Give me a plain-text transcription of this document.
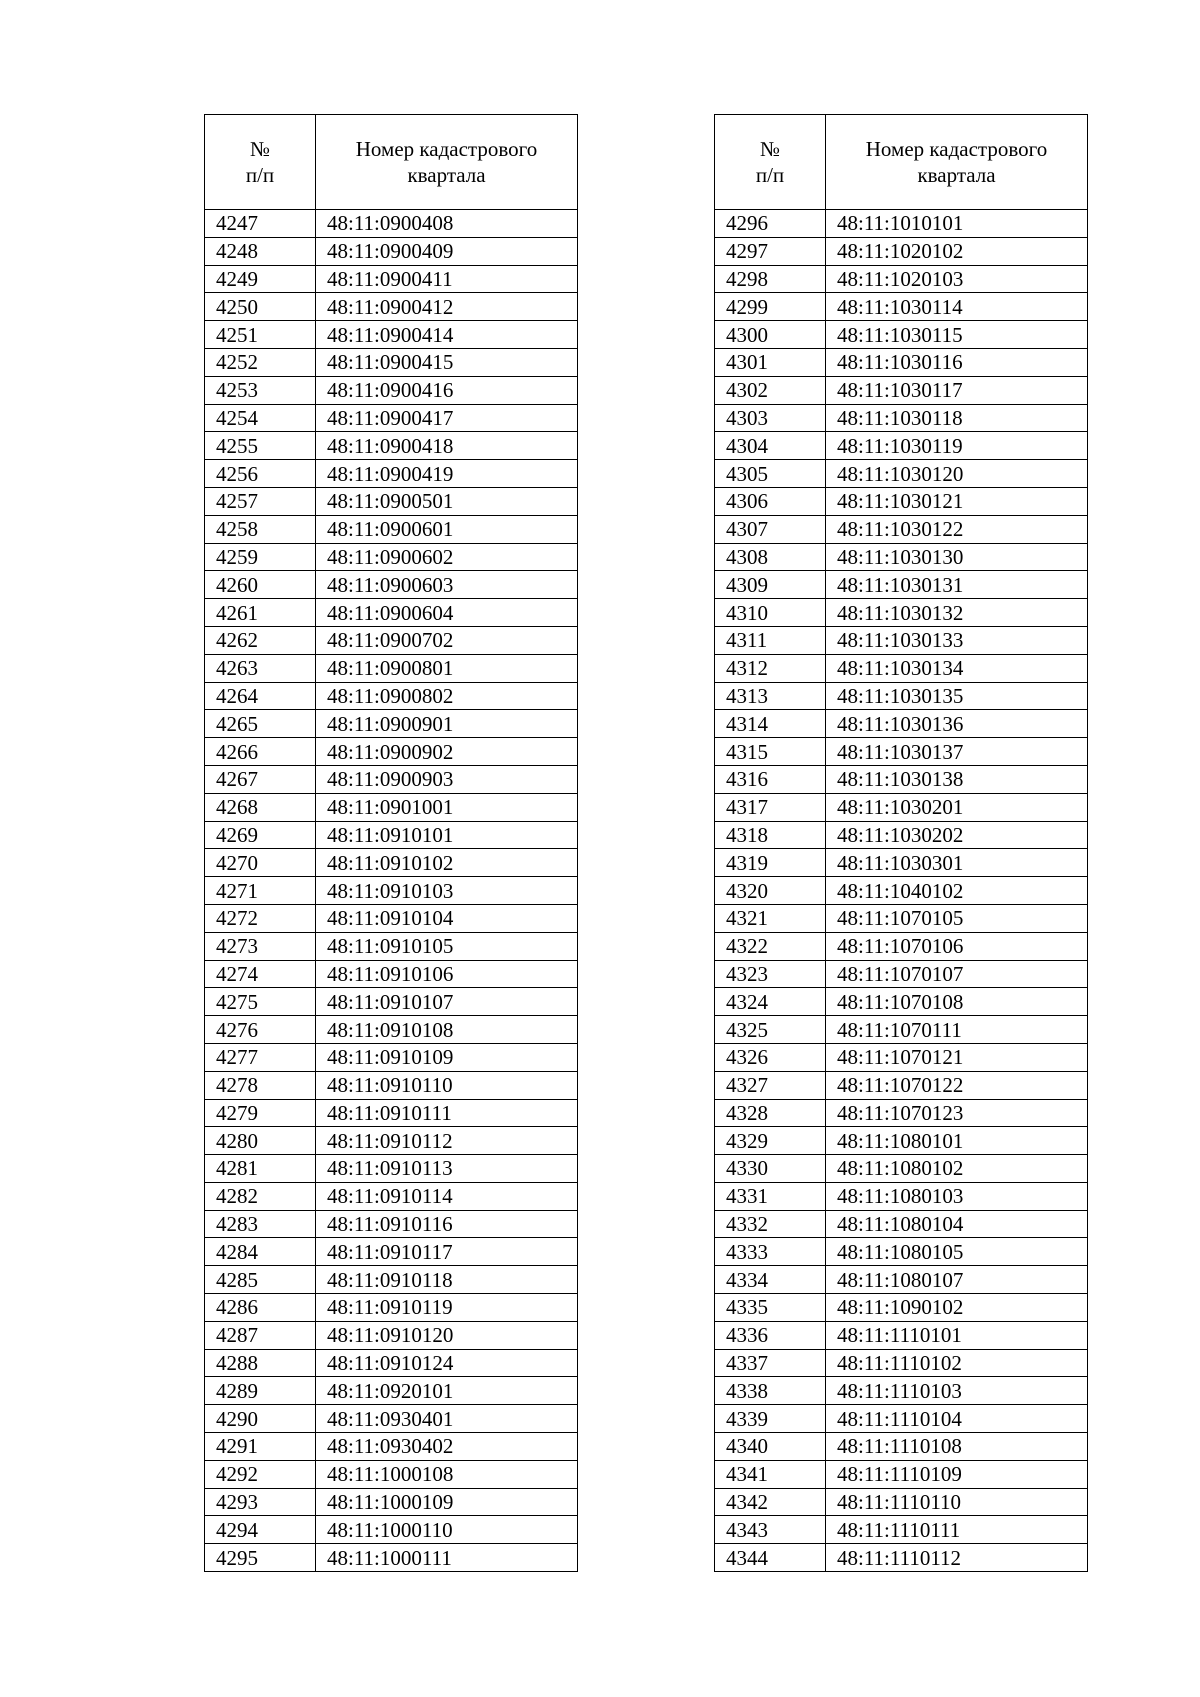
№
п/п	Номер кадастрового
квартала

4247	48:11:0900408
4248	48:11:0900409
4249	48:11:0900411
4250	48:11:0900412
4251	48:11:0900414
4252	48:11:0900415
4253	48:11:0900416
4254	48:11:0900417
4255	48:11:0900418
4256	48:11:0900419
4257	48:11:0900501
4258	48:11:0900601
4259	48:11:0900602
4260	48:11:0900603
4261	48:11:0900604
4262	48:11:0900702
4263	48:11:0900801
4264	48:11:0900802
4265	48:11:0900901
4266	48:11:0900902
4267	48:11:0900903
4268	48:11:0901001
4269	48:11:0910101
4270	48:11:0910102
4271	48:11:0910103
4272	48:11:0910104
4273	48:11:0910105
4274	48:11:0910106
4275	48:11:0910107
4276	48:11:0910108
4277	48:11:0910109
4278	48:11:0910110
4279	48:11:0910111
4280	48:11:0910112
4281	48:11:0910113
4282	48:11:0910114
4283	48:11:0910116
4284	48:11:0910117
4285	48:11:0910118
4286	48:11:0910119
4287	48:11:0910120
4288	48:11:0910124
4289	48:11:0920101
4290	48:11:0930401
4291	48:11:0930402
4292	48:11:1000108
4293	48:11:1000109
4294	48:11:1000110
4295	48:11:1000111
№
п/п	Номер кадастрового
квартала

4296	48:11:1010101
4297	48:11:1020102
4298	48:11:1020103
4299	48:11:1030114
4300	48:11:1030115
4301	48:11:1030116
4302	48:11:1030117
4303	48:11:1030118
4304	48:11:1030119
4305	48:11:1030120
4306	48:11:1030121
4307	48:11:1030122
4308	48:11:1030130
4309	48:11:1030131
4310	48:11:1030132
4311	48:11:1030133
4312	48:11:1030134
4313	48:11:1030135
4314	48:11:1030136
4315	48:11:1030137
4316	48:11:1030138
4317	48:11:1030201
4318	48:11:1030202
4319	48:11:1030301
4320	48:11:1040102
4321	48:11:1070105
4322	48:11:1070106
4323	48:11:1070107
4324	48:11:1070108
4325	48:11:1070111
4326	48:11:1070121
4327	48:11:1070122
4328	48:11:1070123
4329	48:11:1080101
4330	48:11:1080102
4331	48:11:1080103
4332	48:11:1080104
4333	48:11:1080105
4334	48:11:1080107
4335	48:11:1090102
4336	48:11:1110101
4337	48:11:1110102
4338	48:11:1110103
4339	48:11:1110104
4340	48:11:1110108
4341	48:11:1110109
4342	48:11:1110110
4343	48:11:1110111
4344	48:11:1110112
